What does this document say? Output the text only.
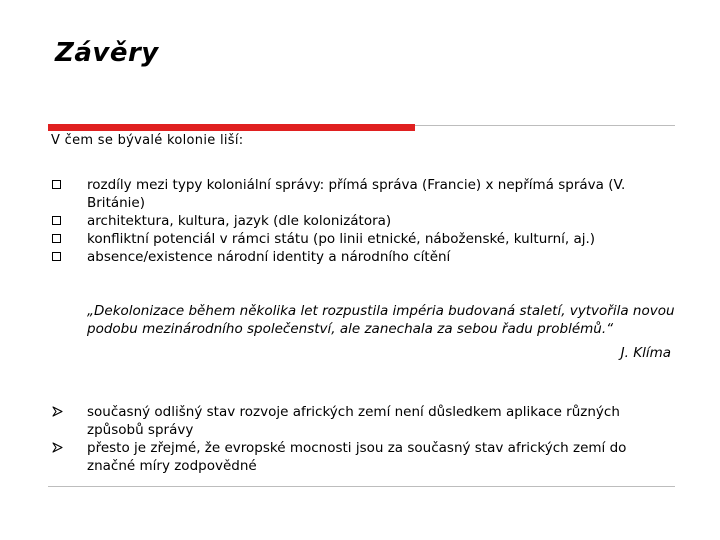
Závěry
V čem se bývalé kolonie liší:
rozdíly mezi typy koloniální správy: přímá správa (Francie) x nepřímá správa (V. Británie)
architektura, kultura, jazyk (dle kolonizátora)
konfliktní potenciál v rámci státu (po linii etnické, náboženské, kulturní, aj.)
absence/existence národní identity a národního cítění
„Dekolonizace během několika let rozpustila impéria budovaná staletí, vytvořila novou podobu mezinárodního společenství, ale zanechala za sebou řadu problémů.“
J. Klíma
současný odlišný stav rozvoje afrických zemí není důsledkem aplikace různých způsobů správy
přesto je zřejmé, že evropské mocnosti jsou za současný stav afrických zemí do značné míry zodpovědné
